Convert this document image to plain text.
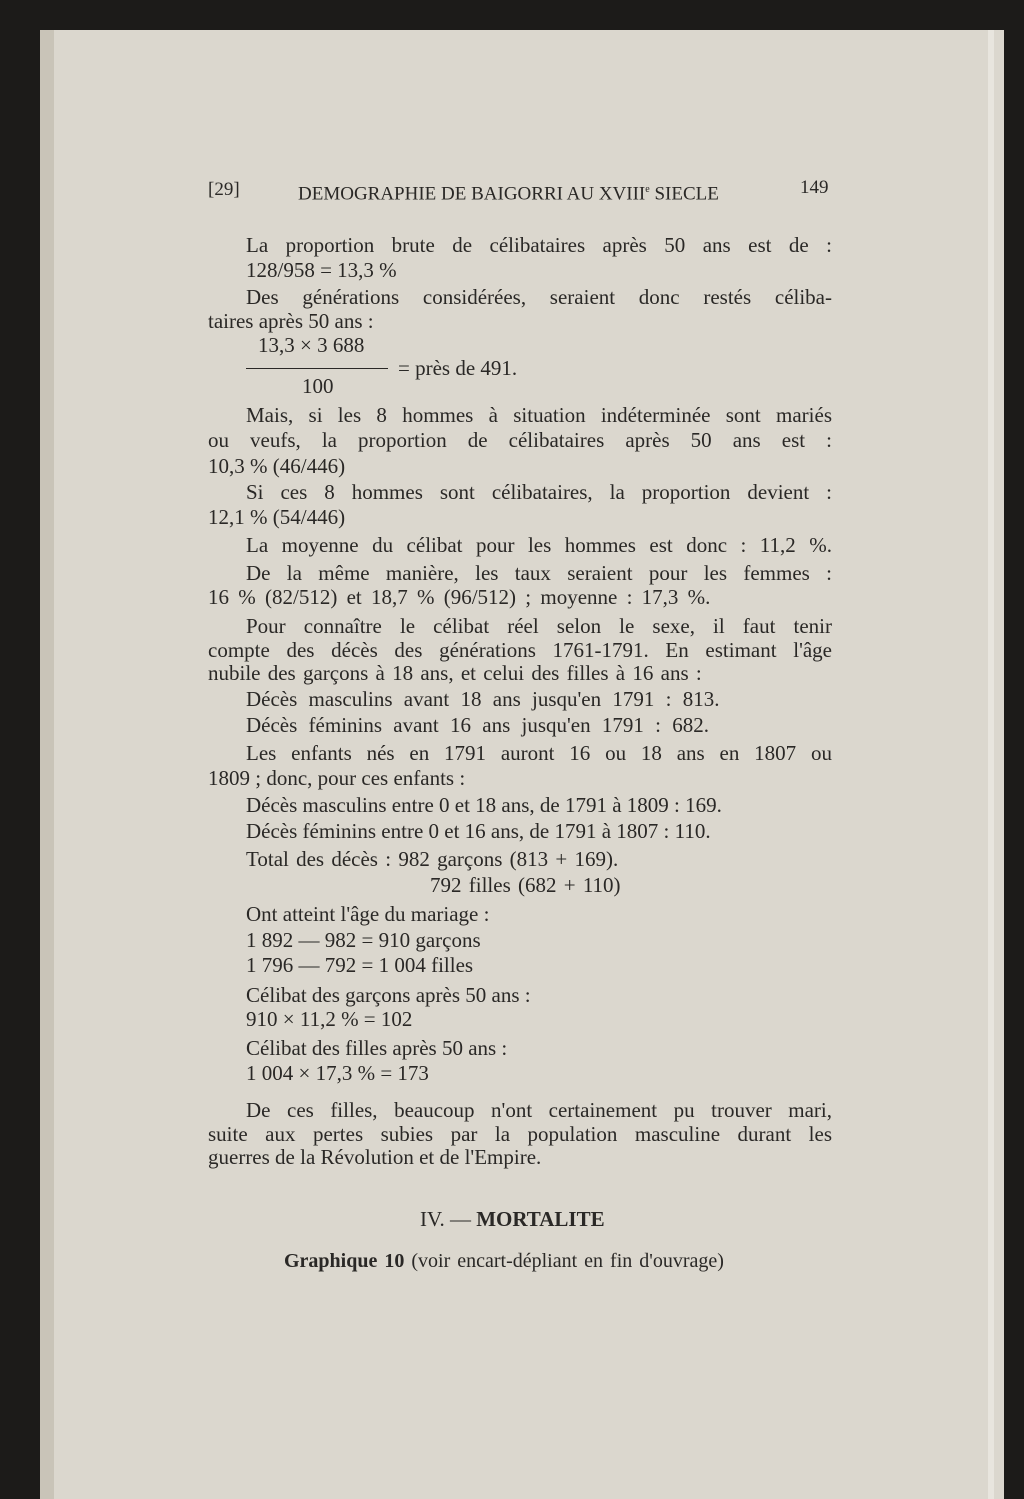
[29]	DEMOGRAPHIE DE BAIGORRI AU XVIIIe SIECLE	149
La proportion brute de célibataires après 50 ans est de :
128/958 = 13,3 %
Des générations considérées, seraient donc restés céliba-
taires après 50 ans :
13,3 × 3 688
= près de 491.
100
Mais, si les 8 hommes à situation indéterminée sont mariés
ou veufs, la proportion de célibataires après 50 ans est :
10,3 % (46/446)
Si ces 8 hommes sont célibataires, la proportion devient :
12,1 % (54/446)
La moyenne du célibat pour les hommes est donc : 11,2 %.
De la même manière, les taux seraient pour les femmes :
16 % (82/512) et 18,7 % (96/512) ; moyenne : 17,3 %.
Pour connaître le célibat réel selon le sexe, il faut tenir
compte des décès des générations 1761-1791. En estimant l'âge
nubile des garçons à 18 ans, et celui des filles à 16 ans :
Décès masculins avant 18 ans jusqu'en 1791 : 813.
Décès féminins avant 16 ans jusqu'en 1791 : 682.
Les enfants nés en 1791 auront 16 ou 18 ans en 1807 ou
1809 ; donc, pour ces enfants :
Décès masculins entre 0 et 18 ans, de 1791 à 1809 : 169.
Décès féminins entre 0 et 16 ans, de 1791 à 1807 : 110.
Total des décès : 982 garçons (813 + 169).
792 filles (682 + 110)
Ont atteint l'âge du mariage :
1 892 — 982 = 910 garçons
1 796 — 792 = 1 004 filles
Célibat des garçons après 50 ans :
910 × 11,2 % = 102
Célibat des filles après 50 ans :
1 004 × 17,3 % = 173
De ces filles, beaucoup n'ont certainement pu trouver mari,
suite aux pertes subies par la population masculine durant les
guerres de la Révolution et de l'Empire.
IV. — MORTALITE
Graphique 10 (voir encart-dépliant en fin d'ouvrage)
